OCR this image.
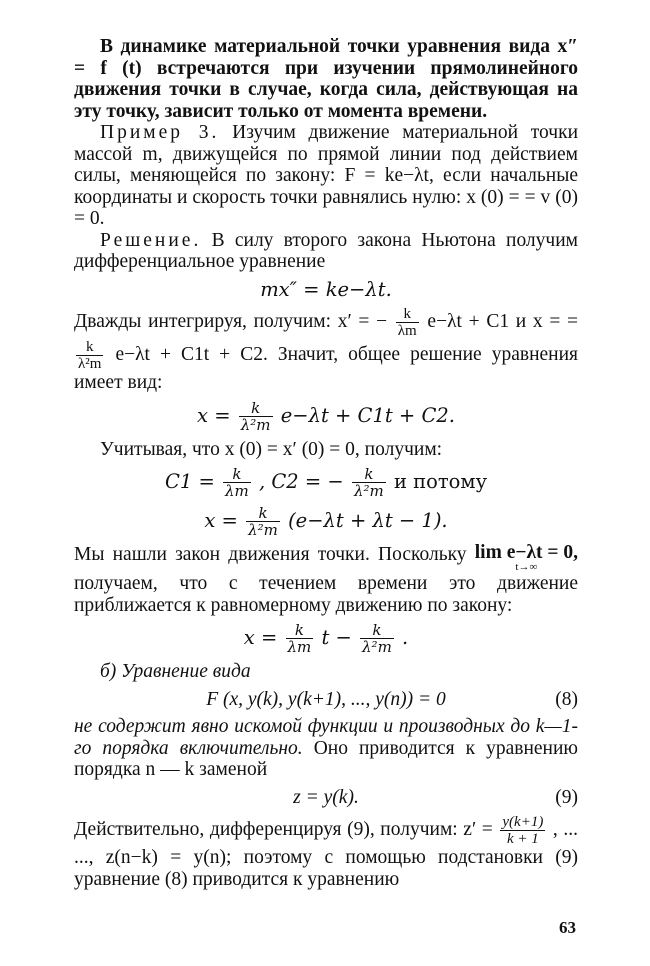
В динамике материальной точки уравнения вида x″ = f (t) встречаются при изучении прямолинейного движения точки в случае, когда сила, действующая на эту точку, зависит только от момента времени.

Пример 3. Изучим движение материальной точки массой m, движущейся по прямой линии под действием силы, меняющейся по закону: F = ke−λt, если начальные координаты и скорость точки равнялись нулю: x (0) = = v (0) = 0.

Решение. В силу второго закона Ньютона получим дифференциальное уравнение

mx″ = ke−λt.

Дважды интегрируя, получим: x′ = − $\frac{k}{\lambda m} e-\lambda t + C1$ и x = =
$\frac{k}{\text{λ²m}} e-\lambda t + C1t + C2$. Значит, общее решение уравнения имеет вид:

$x = \frac{k}{\text{λ²m}} e-\lambda t + C1t + C2$.

Учитывая, что x (0) = x′ (0) = 0, получим:

$C1 = \frac{k}{\lambda m}$ , C2 = − $\frac{k}{\text{λ²m}}$ и потому
$x = \frac{k}{\text{λ²m}} (e-\lambda t + \lambda t - 1)$.

Мы нашли закон движения точки. Поскольку lim e−λt = 0,
t→∞
получаем, что с течением времени это движение приближается к равномерному движению по закону:

$x = \frac{k}{\lambda m}$ $t - \frac{k}{\text{λ²m}}$ .

б) Уравнение вида

F (x, y(k), y(k+1), ..., y(n)) = 0	(8)

не содержит явно искомой функции и производных до k—1-го порядка включительно. Оно приводится к уравнению порядка n — k заменой

z = y(k).	(9)

Действительно, дифференцируя (9), получим: $z' = \frac{y(k+1)}{k + 1}$ , ... ..., z(n−k) = y(n); поэтому с помощью подстановки (9) уравнение (8) приводится к уравнению

63
